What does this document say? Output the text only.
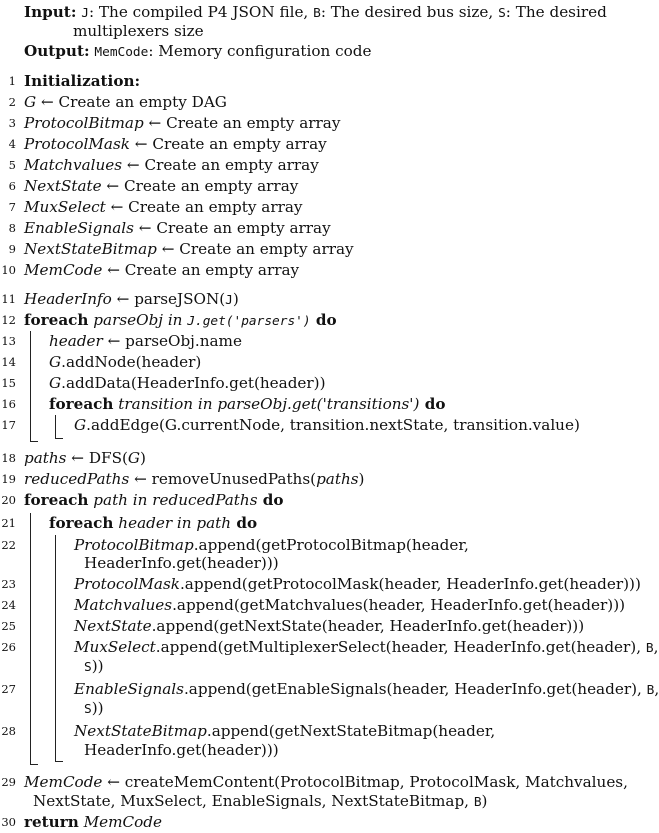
Input: J: The compiled P4 JSON file, B: The desired bus size, S: The desired
multiplexers size
Output: MemCode: Memory configuration code
1
2
3
4
5
6
7
8
9
10
11
12
13
14
15
16
17
18
19
20
21
22
23
24
25
26
27
28
29
30
Initialization:
G ← Create an empty DAG
ProtocolBitmap ← Create an empty array
ProtocolMask ← Create an empty array
Matchvalues ← Create an empty array
NextState ← Create an empty array
MuxSelect ← Create an empty array
EnableSignals ← Create an empty array
NextStateBitmap ← Create an empty array
MemCode ← Create an empty array
HeaderInfo ← parseJSON(J)
foreach parseObj in J.get('parsers') do
header ← parseObj.name
G.addNode(header)
G.addData(HeaderInfo.get(header))
foreach transition in parseObj.get('transitions') do
G.addEdge(G.currentNode, transition.nextState, transition.value)
paths ← DFS(G)
reducedPaths ← removeUnusedPaths(paths)
foreach path in reducedPaths do
foreach header in path do
ProtocolBitmap.append(getProtocolBitmap(header,
HeaderInfo.get(header)))
ProtocolMask.append(getProtocolMask(header, HeaderInfo.get(header)))
Matchvalues.append(getMatchvalues(header, HeaderInfo.get(header)))
NextState.append(getNextState(header, HeaderInfo.get(header)))
MuxSelect.append(getMultiplexerSelect(header, HeaderInfo.get(header), B,
S))
EnableSignals.append(getEnableSignals(header, HeaderInfo.get(header), B,
S))
NextStateBitmap.append(getNextStateBitmap(header,
HeaderInfo.get(header)))
MemCode ← createMemContent(ProtocolBitmap, ProtocolMask, Matchvalues,
NextState, MuxSelect, EnableSignals, NextStateBitmap, B)
return MemCode
